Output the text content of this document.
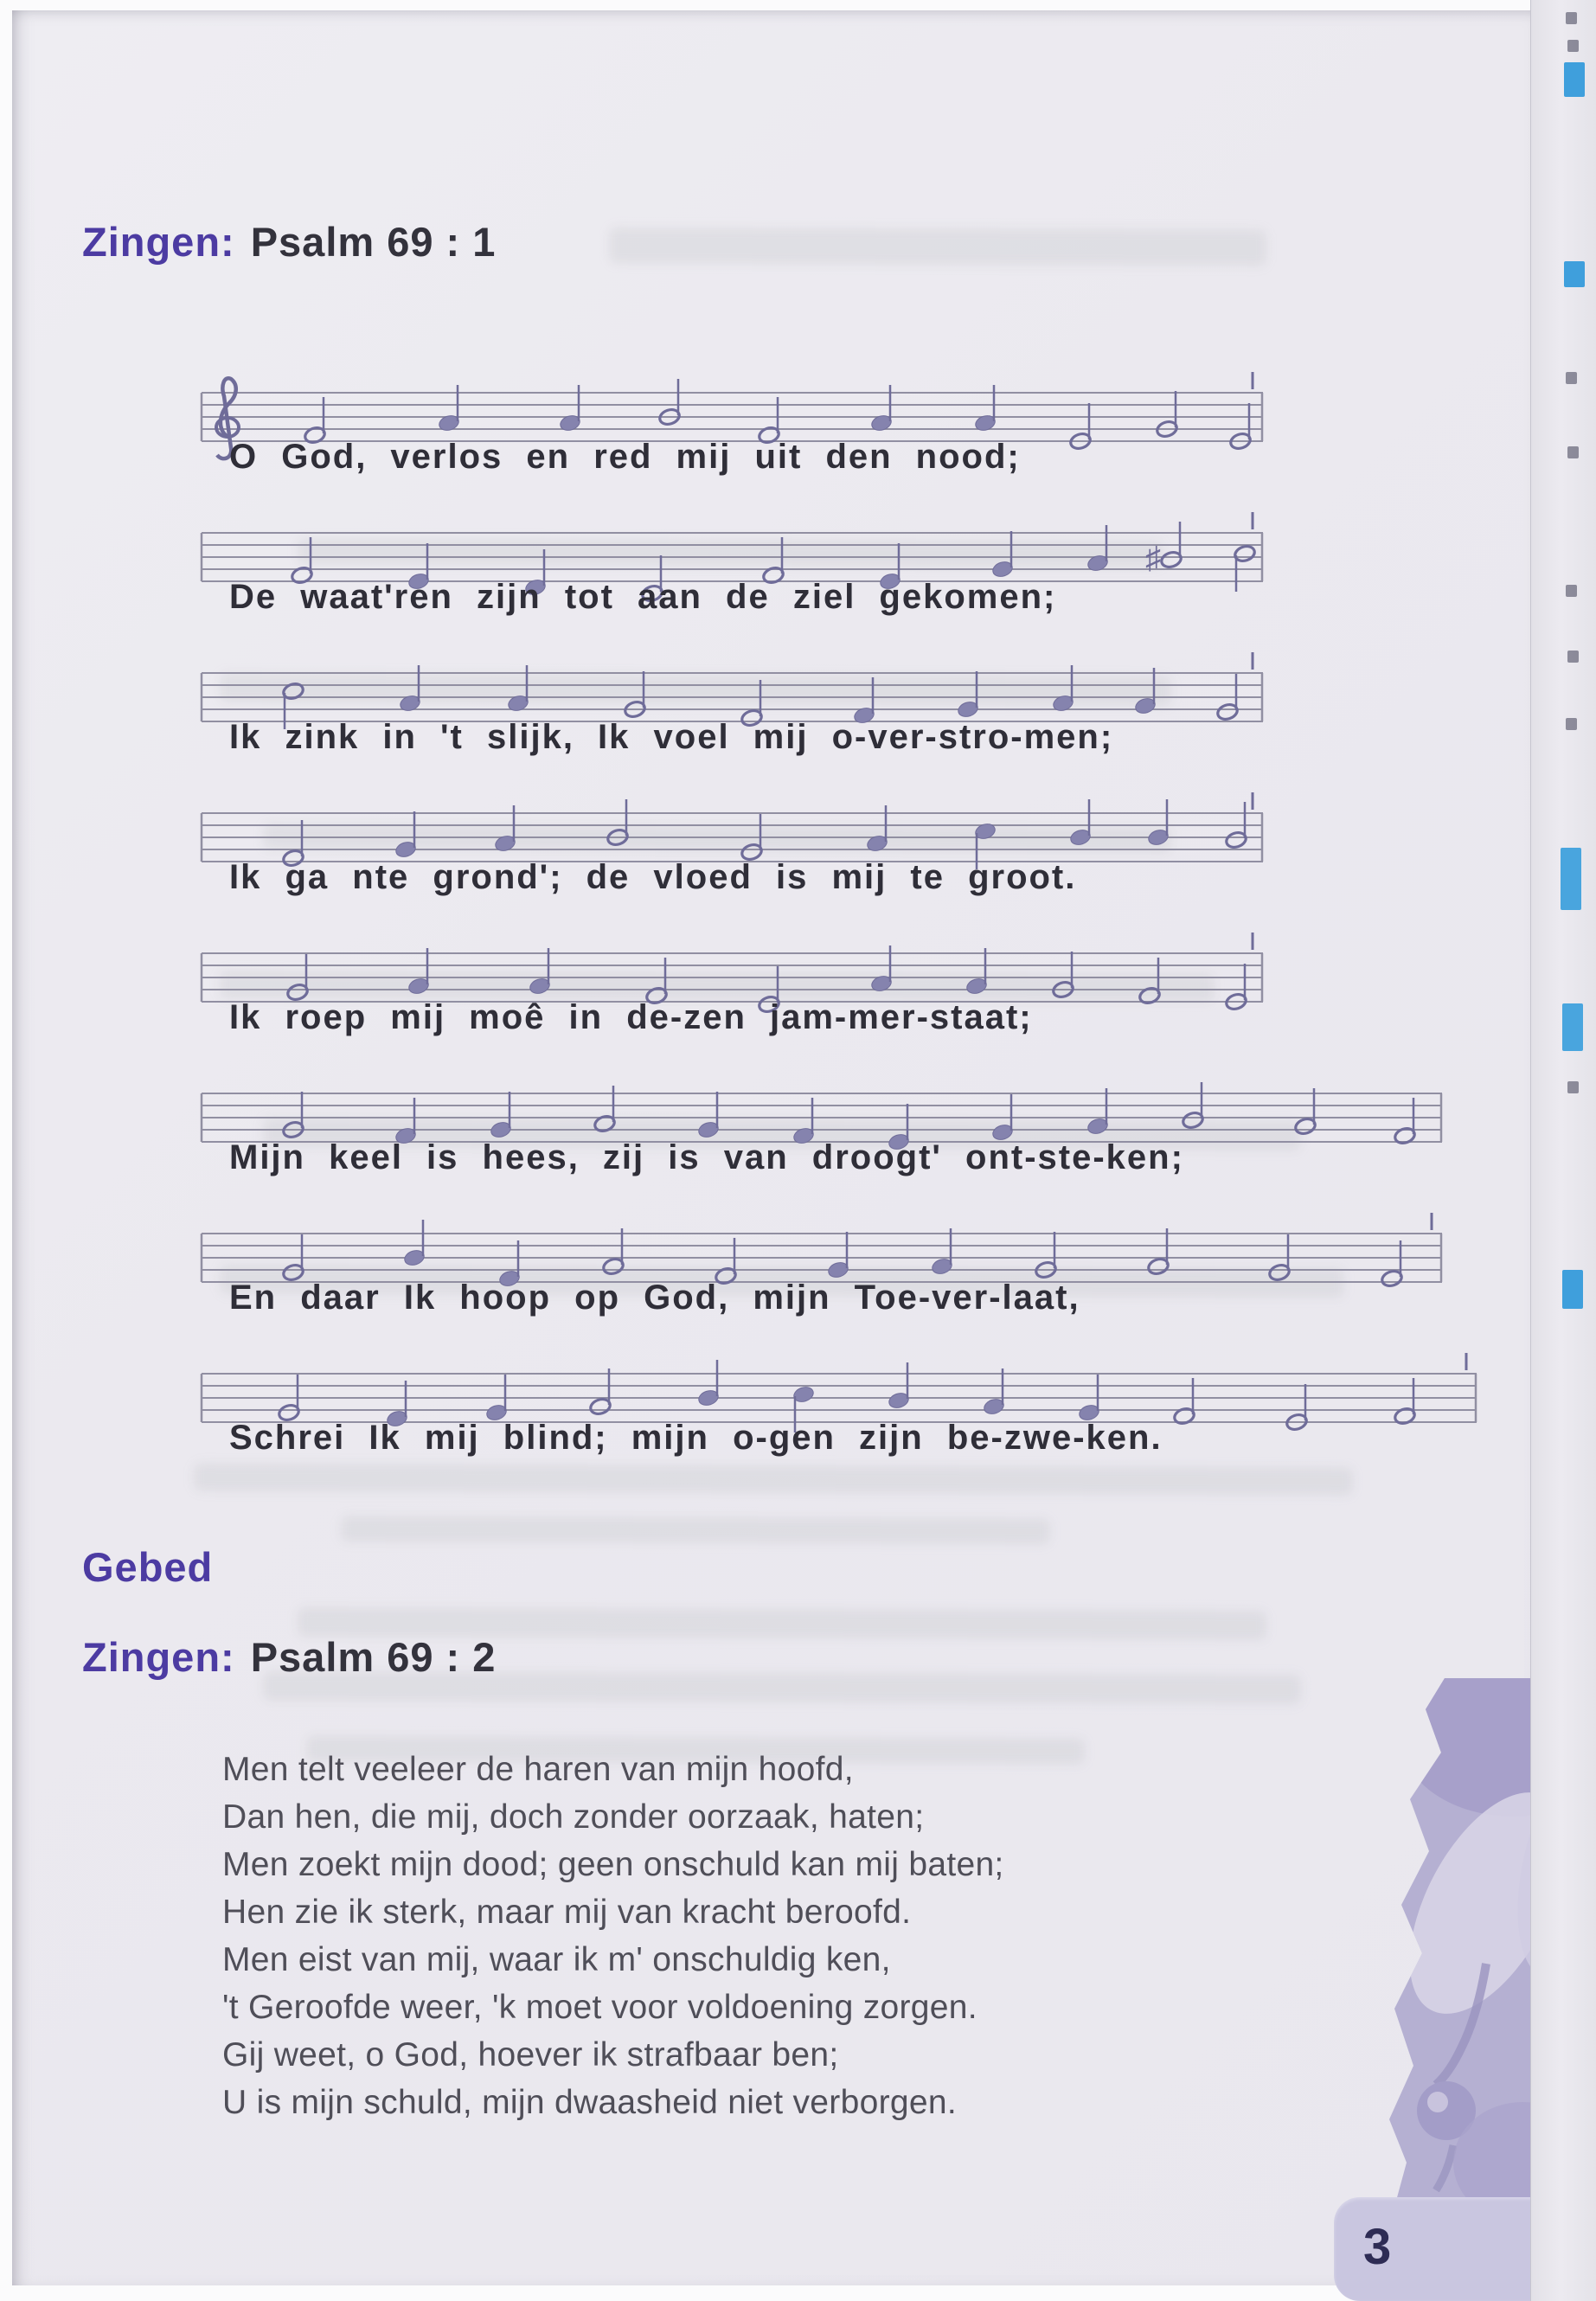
Zingen: Psalm 69 : 1
O God, verlos en red mij uit den nood;
♯
De waat'ren zijn tot aan de ziel gekomen;
Ik zink in 't slijk, Ik voel mij o-ver-stro-men;
Ik ga nte grond'; de vloed is mij te groot.
Ik roep mij moê in de-zen jam-mer-staat;
Mijn keel is hees, zij is van droogt' ont-ste-ken;
En daar Ik hoop op God, mijn Toe-ver-laat,
Schrei Ik mij blind; mijn o-gen zijn be-zwe-ken.
Gebed
Zingen: Psalm 69 : 2
Men telt veeleer de haren van mijn hoofd,
Dan hen, die mij, doch zonder oorzaak, haten;
Men zoekt mijn dood; geen onschuld kan mij baten;
Hen zie ik sterk, maar mij van kracht beroofd.
Men eist van mij, waar ik m' onschuldig ken,
't Geroofde weer, 'k moet voor voldoening zorgen.
Gij weet, o God, hoever ik strafbaar ben;
U is mijn schuld, mijn dwaasheid niet verborgen.
3
